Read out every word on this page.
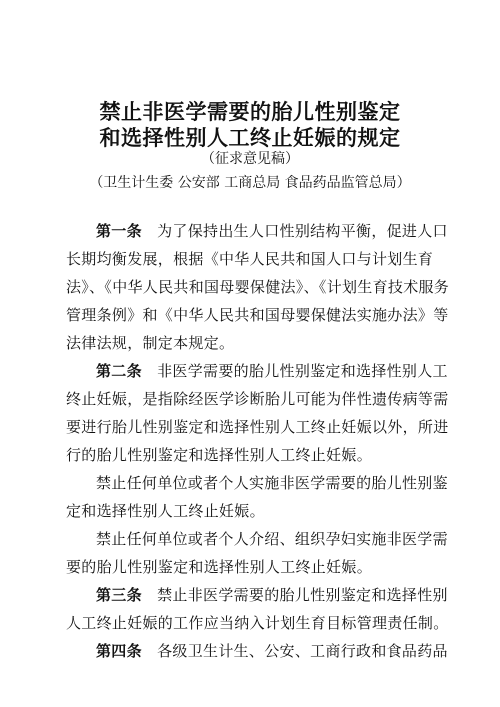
禁止非医学需要的胎儿性别鉴定
和选择性别人工终止妊娠的规定
（征求意见稿）
（卫生计生委 公安部 工商总局 食品药品监管总局）
第一条 为了保持出生人口性别结构平衡，促进人口
长期均衡发展，根据《中华人民共和国人口与计划生育
法》、《中华人民共和国母婴保健法》、《计划生育技术服务
管理条例》和《中华人民共和国母婴保健法实施办法》等
法律法规，制定本规定。
第二条 非医学需要的胎儿性别鉴定和选择性别人工
终止妊娠，是指除经医学诊断胎儿可能为伴性遗传病等需
要进行胎儿性别鉴定和选择性别人工终止妊娠以外，所进
行的胎儿性别鉴定和选择性别人工终止妊娠。
禁止任何单位或者个人实施非医学需要的胎儿性别鉴
定和选择性别人工终止妊娠。
禁止任何单位或者个人介绍、组织孕妇实施非医学需
要的胎儿性别鉴定和选择性别人工终止妊娠。
第三条 禁止非医学需要的胎儿性别鉴定和选择性别
人工终止妊娠的工作应当纳入计划生育目标管理责任制。
第四条 各级卫生计生、公安、工商行政和食品药品
